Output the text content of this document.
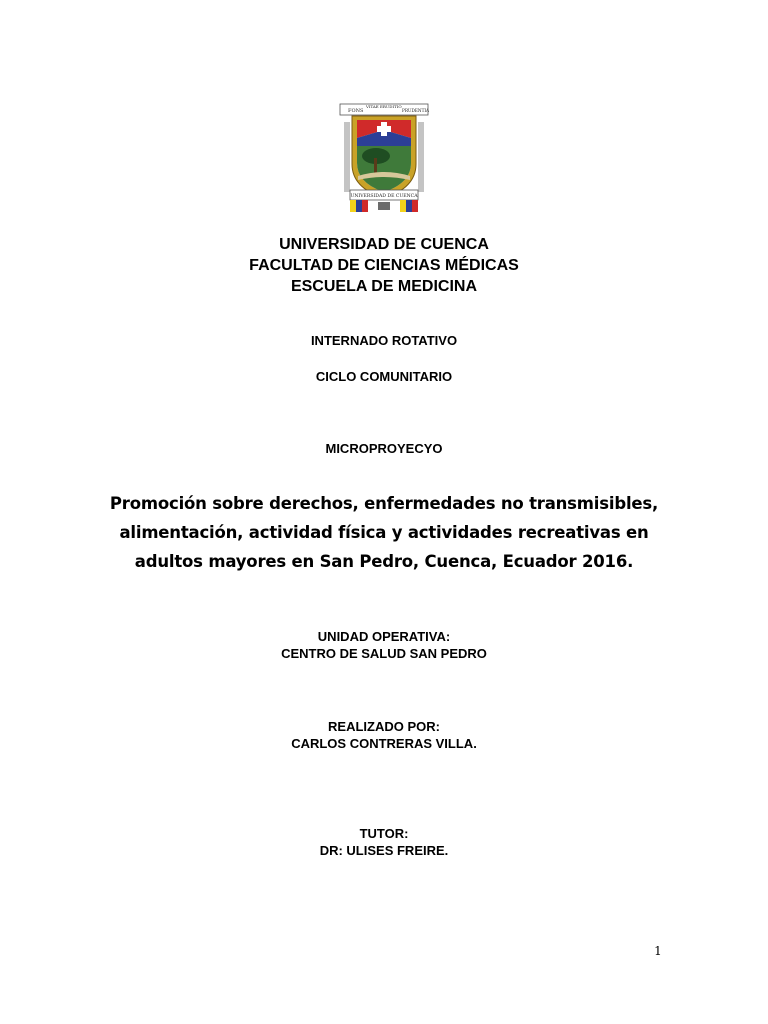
FONS
VITAE ERUDITIO
PRUDENTIA
UNIVERSIDAD DE CUENCA
UNIVERSIDAD DE CUENCA
FACULTAD DE CIENCIAS MÉDICAS
ESCUELA DE MEDICINA
INTERNADO ROTATIVO
CICLO COMUNITARIO
MICROPROYECYO
Promoción sobre derechos, enfermedades no transmisibles, alimentación, actividad física y actividades recreativas en adultos mayores en San Pedro, Cuenca, Ecuador 2016.
UNIDAD OPERATIVA:
CENTRO DE SALUD SAN PEDRO
REALIZADO POR:
CARLOS CONTRERAS VILLA.
TUTOR:
DR: ULISES FREIRE.
1
